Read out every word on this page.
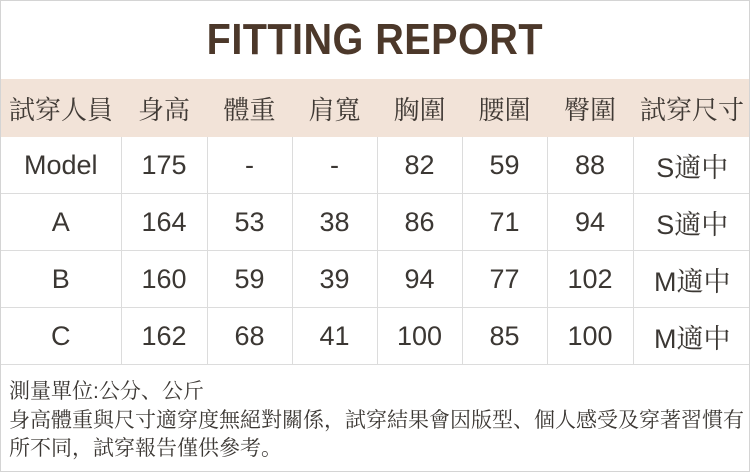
FITTING REPORT
試穿人員	身高	體重	肩寬	胸圍	腰圍	臀圍	試穿尺寸
Model	175	-	-	82	59	88	S適中
A	164	53	38	86	71	94	S適中
B	160	59	39	94	77	102	M適中
C	162	68	41	100	85	100	M適中

測量單位:公分、公斤

身高體重與尺寸適穿度無絕對關係，試穿結果會因版型、個人感受及穿著習慣有所不同，試穿報告僅供參考。
